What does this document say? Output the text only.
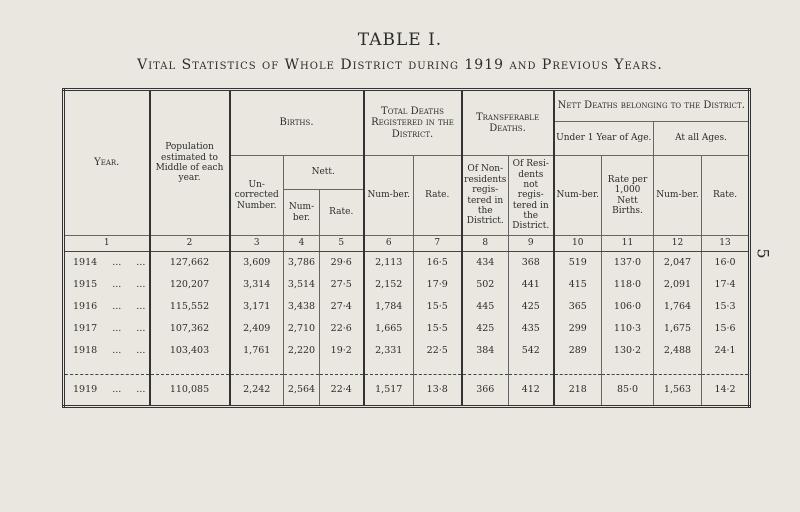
TABLE I.
Vital Statistics of Whole District during 1919 and Previous Years.
5
Year.	Population estimated to Middle of each year.	Births.			Total Deaths Registered in the District.		Transferable Deaths.		Nett Deaths belonging to the District.			
									Under 1 Year of Age.		At all Ages.	
		Un-corrected Number.	Nett.		Num-ber.	Rate.	Of Non-residents regis-tered in the District.	Of Resi-dents not regis-tered in the District.	Num-ber.	Rate per 1,000 Nett Births.	Num-ber.	Rate.
			Num-ber.	Rate.								
1	2	3	4	5	6	7	8	9	10	11	12	13
1914 ... ...	127,662	3,609	3,786	29·6	2,113	16·5	434	368	519	137·0	2,047	16·0
1915 ... ...	120,207	3,314	3,514	27·5	2,152	17·9	502	441	415	118·0	2,091	17·4
1916 ... ...	115,552	3,171	3,438	27·4	1,784	15·5	445	425	365	106·0	1,764	15·3
1917 ... ...	107,362	2,409	2,710	22·6	1,665	15·5	425	435	299	110·3	1,675	15·6
1918 ... ...	103,403	1,761	2,220	19·2	2,331	22·5	384	542	289	130·2	2,488	24·1

1919 ... ...	110,085	2,242	2,564	22·4	1,517	13·8	366	412	218	85·0	1,563	14·2
